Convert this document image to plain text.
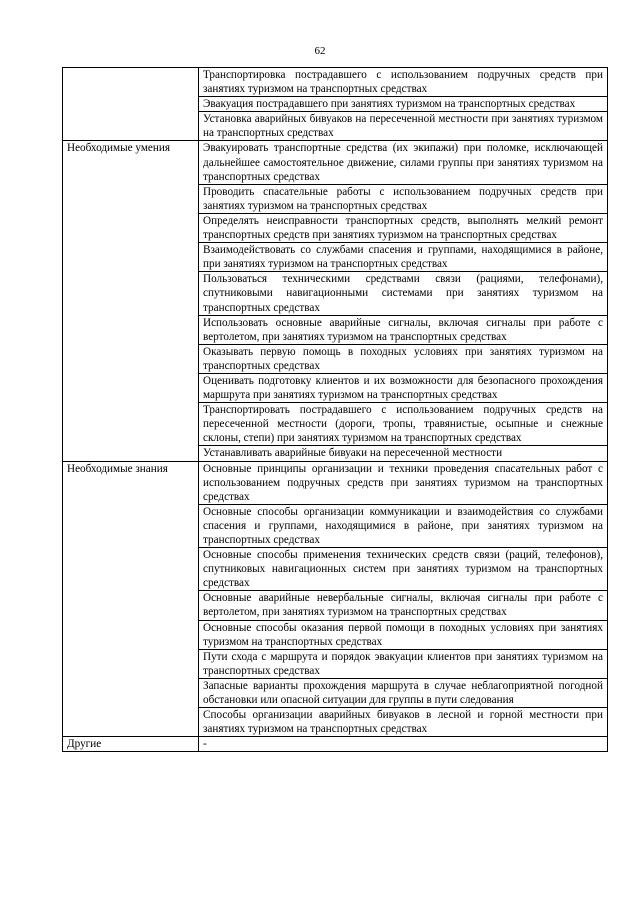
62
	Транспортировка пострадавшего с использованием подручных средств при занятиях туризмом на транспортных средствах
	Эвакуация пострадавшего при занятиях туризмом на транспортных средствах
	Установка аварийных бивуаков на пересеченной местности при занятиях туризмом на транспортных средствах
Необходимые умения	Эвакуировать транспортные средства (их экипажи) при поломке, исключающей дальнейшее самостоятельное движение, силами группы при занятиях туризмом на транспортных средствах
	Проводить спасательные работы с использованием подручных средств при занятиях туризмом на транспортных средствах
	Определять неисправности транспортных средств, выполнять мелкий ремонт транспортных средств при занятиях туризмом на транспортных средствах
	Взаимодействовать со службами спасения и группами, находящимися в районе, при занятиях туризмом на транспортных средствах
	Пользоваться техническими средствами связи (рациями, телефонами), спутниковыми навигационными системами при занятиях туризмом на транспортных средствах
	Использовать основные аварийные сигналы, включая сигналы при работе с вертолетом, при занятиях туризмом на транспортных средствах
	Оказывать первую помощь в походных условиях при занятиях туризмом на транспортных средствах
	Оценивать подготовку клиентов и их возможности для безопасного прохождения маршрута при занятиях туризмом на транспортных средствах
	Транспортировать пострадавшего с использованием подручных средств на пересеченной местности (дороги, тропы, травянистые, осыпные и снежные склоны, степи) при занятиях туризмом на транспортных средствах
	Устанавливать аварийные бивуаки на пересеченной местности
Необходимые знания	Основные принципы организации и техники проведения спасательных работ с использованием подручных средств при занятиях туризмом на транспортных средствах
	Основные способы организации коммуникации и взаимодействия со службами спасения и группами, находящимися в районе, при занятиях туризмом на транспортных средствах
	Основные способы применения технических средств связи (раций, телефонов), спутниковых навигационных систем при занятиях туризмом на транспортных средствах
	Основные аварийные невербальные сигналы, включая сигналы при работе с вертолетом, при занятиях туризмом на транспортных средствах
	Основные способы оказания первой помощи в походных условиях при занятиях туризмом на транспортных средствах
	Пути схода с маршрута и порядок эвакуации клиентов при занятиях туризмом на транспортных средствах
	Запасные варианты прохождения маршрута в случае неблагоприятной погодной обстановки или опасной ситуации для группы в пути следования
	Способы организации аварийных бивуаков в лесной и горной местности при занятиях туризмом на транспортных средствах
Другие	-
